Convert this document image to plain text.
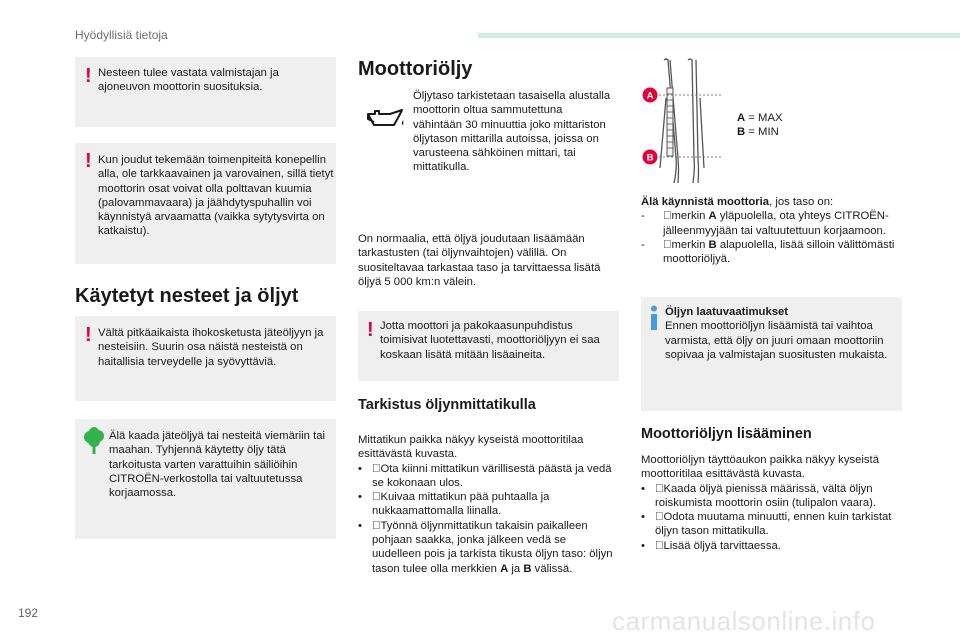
Hyödyllisiä tietoja
! Nesteen tulee vastata valmistajan ja ajoneuvon moottorin suosituksia.
! Kun joudut tekemään toimenpiteitä konepellin alla, ole tarkkaavainen ja varovainen, sillä tietyt moottorin osat voivat olla polttavan kuumia (palovammavaara) ja jäähdytyspuhallin voi käynnistyä arvaamatta (vaikka sytytysvirta on katkaistu).
Käytetyt nesteet ja öljyt
! Vältä pitkäaikaista ihokosketusta jäteöljyyn ja nesteisiin. Suurin osa näistä nesteistä on haitallisia terveydelle ja syövyttäviä.
Älä kaada jäteöljyä tai nesteitä viemäriin tai maahan. Tyhjennä käytetty öljy tätä tarkoitusta varten varattuihin säiliöihin CITROËN-verkostolla tai valtuutetussa korjaamossa.
Moottoriöljy
Öljytaso tarkistetaan tasaisella alustalla moottorin oltua sammutettuna vähintään 30 minuuttia joko mittariston öljytason mittarilla autoissa, joissa on varusteena sähköinen mittari, tai mittatikulla.
On normaalia, että öljyä joudutaan lisäämään tarkastusten (tai öljynvaihtojen) välillä. On suositeltavaa tarkastaa taso ja tarvittaessa lisätä öljyä 5 000 km:n välein.
! Jotta moottori ja pakokaasunpuhdistus toimisivat luotettavasti, moottoriöljyyn ei saa koskaan lisätä mitään lisäaineita.
Tarkistus öljynmittatikulla

Mittatikun paikka näkyy kyseistä moottoritilaa esittävästä kuvasta.

• Ota kiinni mittatikun värillisestä päästä ja vedä se kokonaan ulos.

• Kuivaa mittatikun pää puhtaalla ja nukkaamattomalla liinalla.

• Työnnä öljynmittatikun takaisin paikalleen pohjaan saakka, jonka jälkeen vedä se uudelleen pois ja tarkista tikusta öljyn taso: öljyn tason tulee olla merkkien A ja B välissä.

A
B

A = MAX

B = MIN

Älä käynnistä moottoria, jos taso on:

- merkin A yläpuolella, ota yhteys CITROËN-jälleenmyyjään tai valtuutettuun korjaamoon.

- merkin B alapuolella, lisää silloin välittömästi moottoriöljyä.

Öljyn laatuvaatimukset

Ennen moottoriöljyn lisäämistä tai vaihtoa varmista, että öljy on juuri omaan moottoriin sopivaa ja valmistajan suositusten mukaista.

Moottoriöljyn lisääminen

Moottoriöljyn täyttöaukon paikka näkyy kyseistä moottoritilaa esittävästä kuvasta.

• Kaada öljyä pienissä määrissä, vältä öljyn roiskumista moottorin osiin (tulipalon vaara).

• Odota muutama minuutti, ennen kuin tarkistat öljyn tason mittatikulla.

• Lisää öljyä tarvittaessa.

192	carmanualsonline.info
